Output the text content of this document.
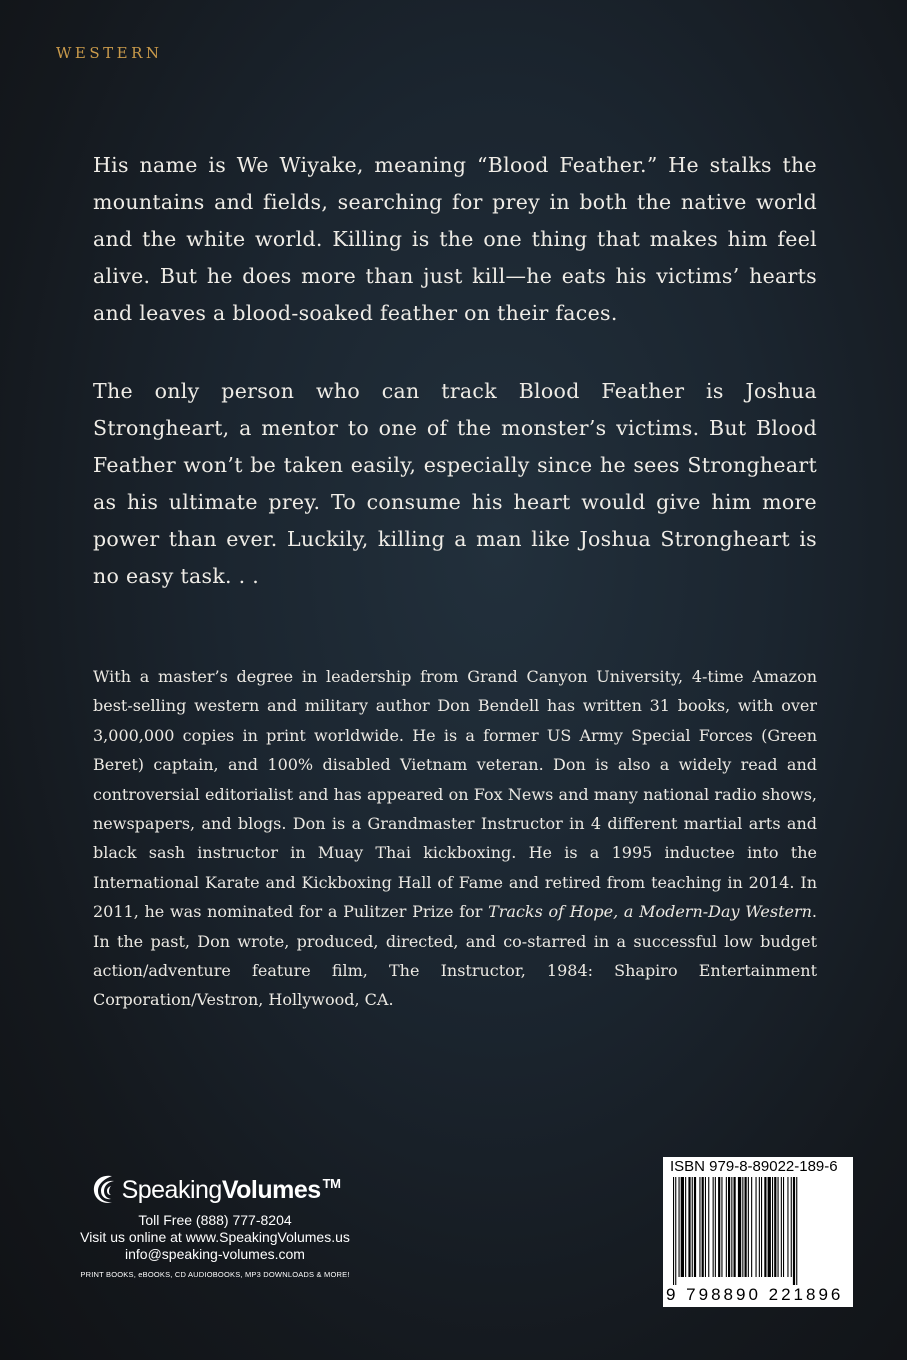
WESTERN

His name is We Wiyake, meaning “Blood Feather.” He stalks the mountains and fields, searching for prey in both the native world and the white world. Killing is the one thing that makes him feel alive. But he does more than just kill—he eats his victims’ hearts and leaves a blood-soaked feather on their faces.

The only person who can track Blood Feather is Joshua Strongheart, a mentor to one of the monster’s victims. But Blood Feather won’t be taken easily, especially since he sees Strongheart as his ultimate prey. To consume his heart would give him more power than ever. Luckily, killing a man like Joshua Strongheart is no easy task. . .

With a master’s degree in leadership from Grand Canyon University, 4-time Amazon best-selling western and military author Don Bendell has written 31 books, with over 3,000,000 copies in print worldwide. He is a former US Army Special Forces (Green Beret) captain, and 100% disabled Vietnam veteran. Don is also a widely read and controversial editorialist and has appeared on Fox News and many national radio shows, newspapers, and blogs. Don is a Grandmaster Instructor in 4 different martial arts and black sash instructor in Muay Thai kickboxing. He is a 1995 inductee into the International Karate and Kickboxing Hall of Fame and retired from teaching in 2014. In 2011, he was nominated for a Pulitzer Prize for Tracks of Hope, a Modern-Day Western. In the past, Don wrote, produced, directed, and co-starred in a successful low budget action/adventure feature film, The Instructor, 1984: Shapiro Entertainment Corporation/Vestron, Hollywood, CA.

SpeakingVolumes ™
Toll Free (888) 777-8204
Visit us online at www.SpeakingVolumes.us
info@speaking-volumes.com
PRINT BOOKS, eBOOKS, CD AUDIOBOOKS, MP3 DOWNLOADS & MORE!
ISBN 979-8-89022-189-6
9 798890 221896
